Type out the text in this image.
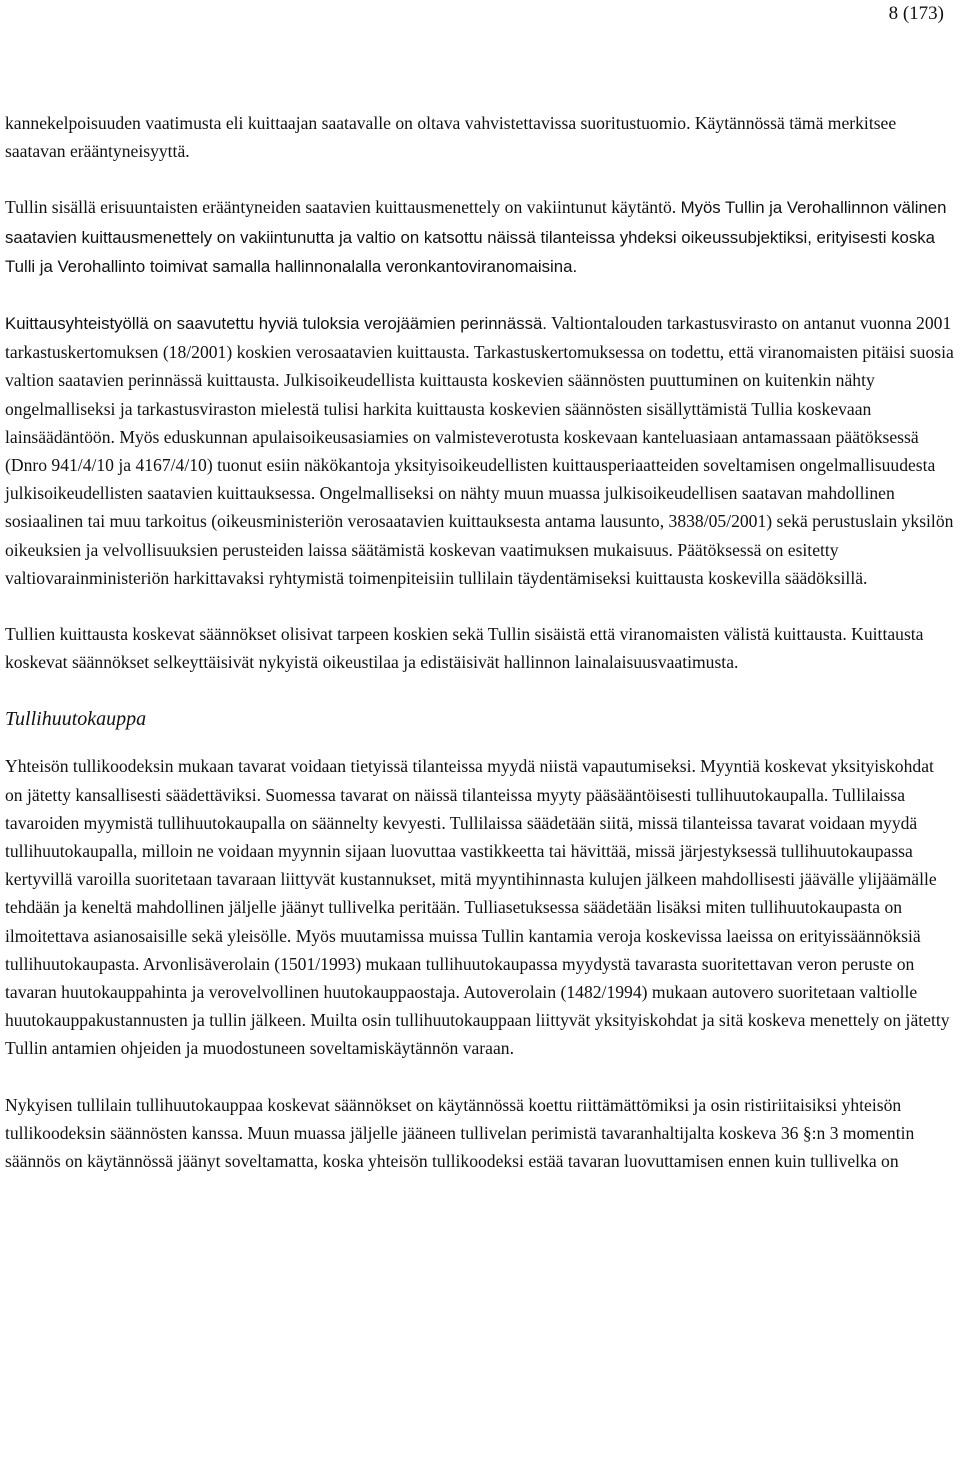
8 (173)

kannekelpoisuuden vaatimusta eli kuittaajan saatavalle on oltava vahvistettavissa suoritustuomio. Käytännössä tämä merkitsee saatavan erääntyneisyyttä.

Tullin sisällä erisuuntaisten erääntyneiden saatavien kuittausmenettely on vakiintunut käytäntö. Myös Tullin ja Verohallinnon välinen saatavien kuittausmenettely on vakiintunutta ja valtio on katsottu näissä tilanteissa yhdeksi oikeussubjektiksi, erityisesti koska Tulli ja Verohallinto toimivat samalla hallinnonalalla veronkantoviranomaisina.

Kuittausyhteistyöllä on saavutettu hyviä tuloksia verojäämien perinnässä. Valtiontalouden tarkastusvirasto on antanut vuonna 2001 tarkastuskertomuksen (18/2001) koskien verosaatavien kuittausta. Tarkastuskertomuksessa on todettu, että viranomaisten pitäisi suosia valtion saatavien perinnässä kuittausta. Julkisoikeudellista kuittausta koskevien säännösten puuttuminen on kuitenkin nähty ongelmalliseksi ja tarkastusviraston mielestä tulisi harkita kuittausta koskevien säännösten sisällyttämistä Tullia koskevaan lainsäädäntöön. Myös eduskunnan apulaisoikeusasiamies on valmisteverotusta koskevaan kanteluasiaan antamassaan päätöksessä (Dnro 941/4/10 ja 4167/4/10) tuonut esiin näkökantoja yksityisoikeudellisten kuittausperiaatteiden soveltamisen ongelmallisuudesta julkisoikeudellisten saatavien kuittauksessa. Ongelmalliseksi on nähty muun muassa julkisoikeudellisen saatavan mahdollinen sosiaalinen tai muu tarkoitus (oikeusministeriön verosaatavien kuittauksesta antama lausunto, 3838/05/2001) sekä perustuslain yksilön oikeuksien ja velvollisuuksien perusteiden laissa säätämistä koskevan vaatimuksen mukaisuus. Päätöksessä on esitetty valtiovarainministeriön harkittavaksi ryhtymistä toimenpiteisiin tullilain täydentämiseksi kuittausta koskevilla säädöksillä.

Tullien kuittausta koskevat säännökset olisivat tarpeen koskien sekä Tullin sisäistä että viranomaisten välistä kuittausta. Kuittausta koskevat säännökset selkeyttäisivät nykyistä oikeustilaa ja edistäisivät hallinnon lainalaisuusvaatimusta.

Tullihuutokauppa

Yhteisön tullikoodeksin mukaan tavarat voidaan tietyissä tilanteissa myydä niistä vapautumiseksi. Myyntiä koskevat yksityiskohdat on jätetty kansallisesti säädettäviksi. Suomessa tavarat on näissä tilanteissa myyty pääsääntöisesti tullihuutokaupalla. Tullilaissa tavaroiden myymistä tullihuutokaupalla on säännelty kevyesti. Tullilaissa säädetään siitä, missä tilanteissa tavarat voidaan myydä tullihuutokaupalla, milloin ne voidaan myynnin sijaan luovuttaa vastikkeetta tai hävittää, missä järjestyksessä tullihuutokaupassa kertyvillä varoilla suoritetaan tavaraan liittyvät kustannukset, mitä myyntihinnasta kulujen jälkeen mahdollisesti jäävälle ylijäämälle tehdään ja keneltä mahdollinen jäljelle jäänyt tullivelka peritään. Tulliasetuksessa säädetään lisäksi miten tullihuutokaupasta on ilmoitettava asianosaisille sekä yleisölle. Myös muutamissa muissa Tullin kantamia veroja koskevissa laeissa on erityissäännöksiä tullihuutokaupasta. Arvonlisäverolain (1501/1993) mukaan tullihuutokaupassa myydystä tavarasta suoritettavan veron peruste on tavaran huutokauppahinta ja verovelvollinen huutokauppaostaja. Autoverolain (1482/1994) mukaan autovero suoritetaan valtiolle huutokauppakustannusten ja tullin jälkeen. Muilta osin tullihuutokauppaan liittyvät yksityiskohdat ja sitä koskeva menettely on jätetty Tullin antamien ohjeiden ja muodostuneen soveltamiskäytännön varaan.

Nykyisen tullilain tullihuutokauppaa koskevat säännökset on käytännössä koettu riittämättömiksi ja osin ristiriitaisiksi yhteisön tullikoodeksin säännösten kanssa. Muun muassa jäljelle jääneen tullivelan perimistä tavaranhaltijalta koskeva 36 §:n 3 momentin säännös on käytännössä jäänyt soveltamatta, koska yhteisön tullikoodeksi estää tavaran luovuttamisen ennen kuin tullivelka on
